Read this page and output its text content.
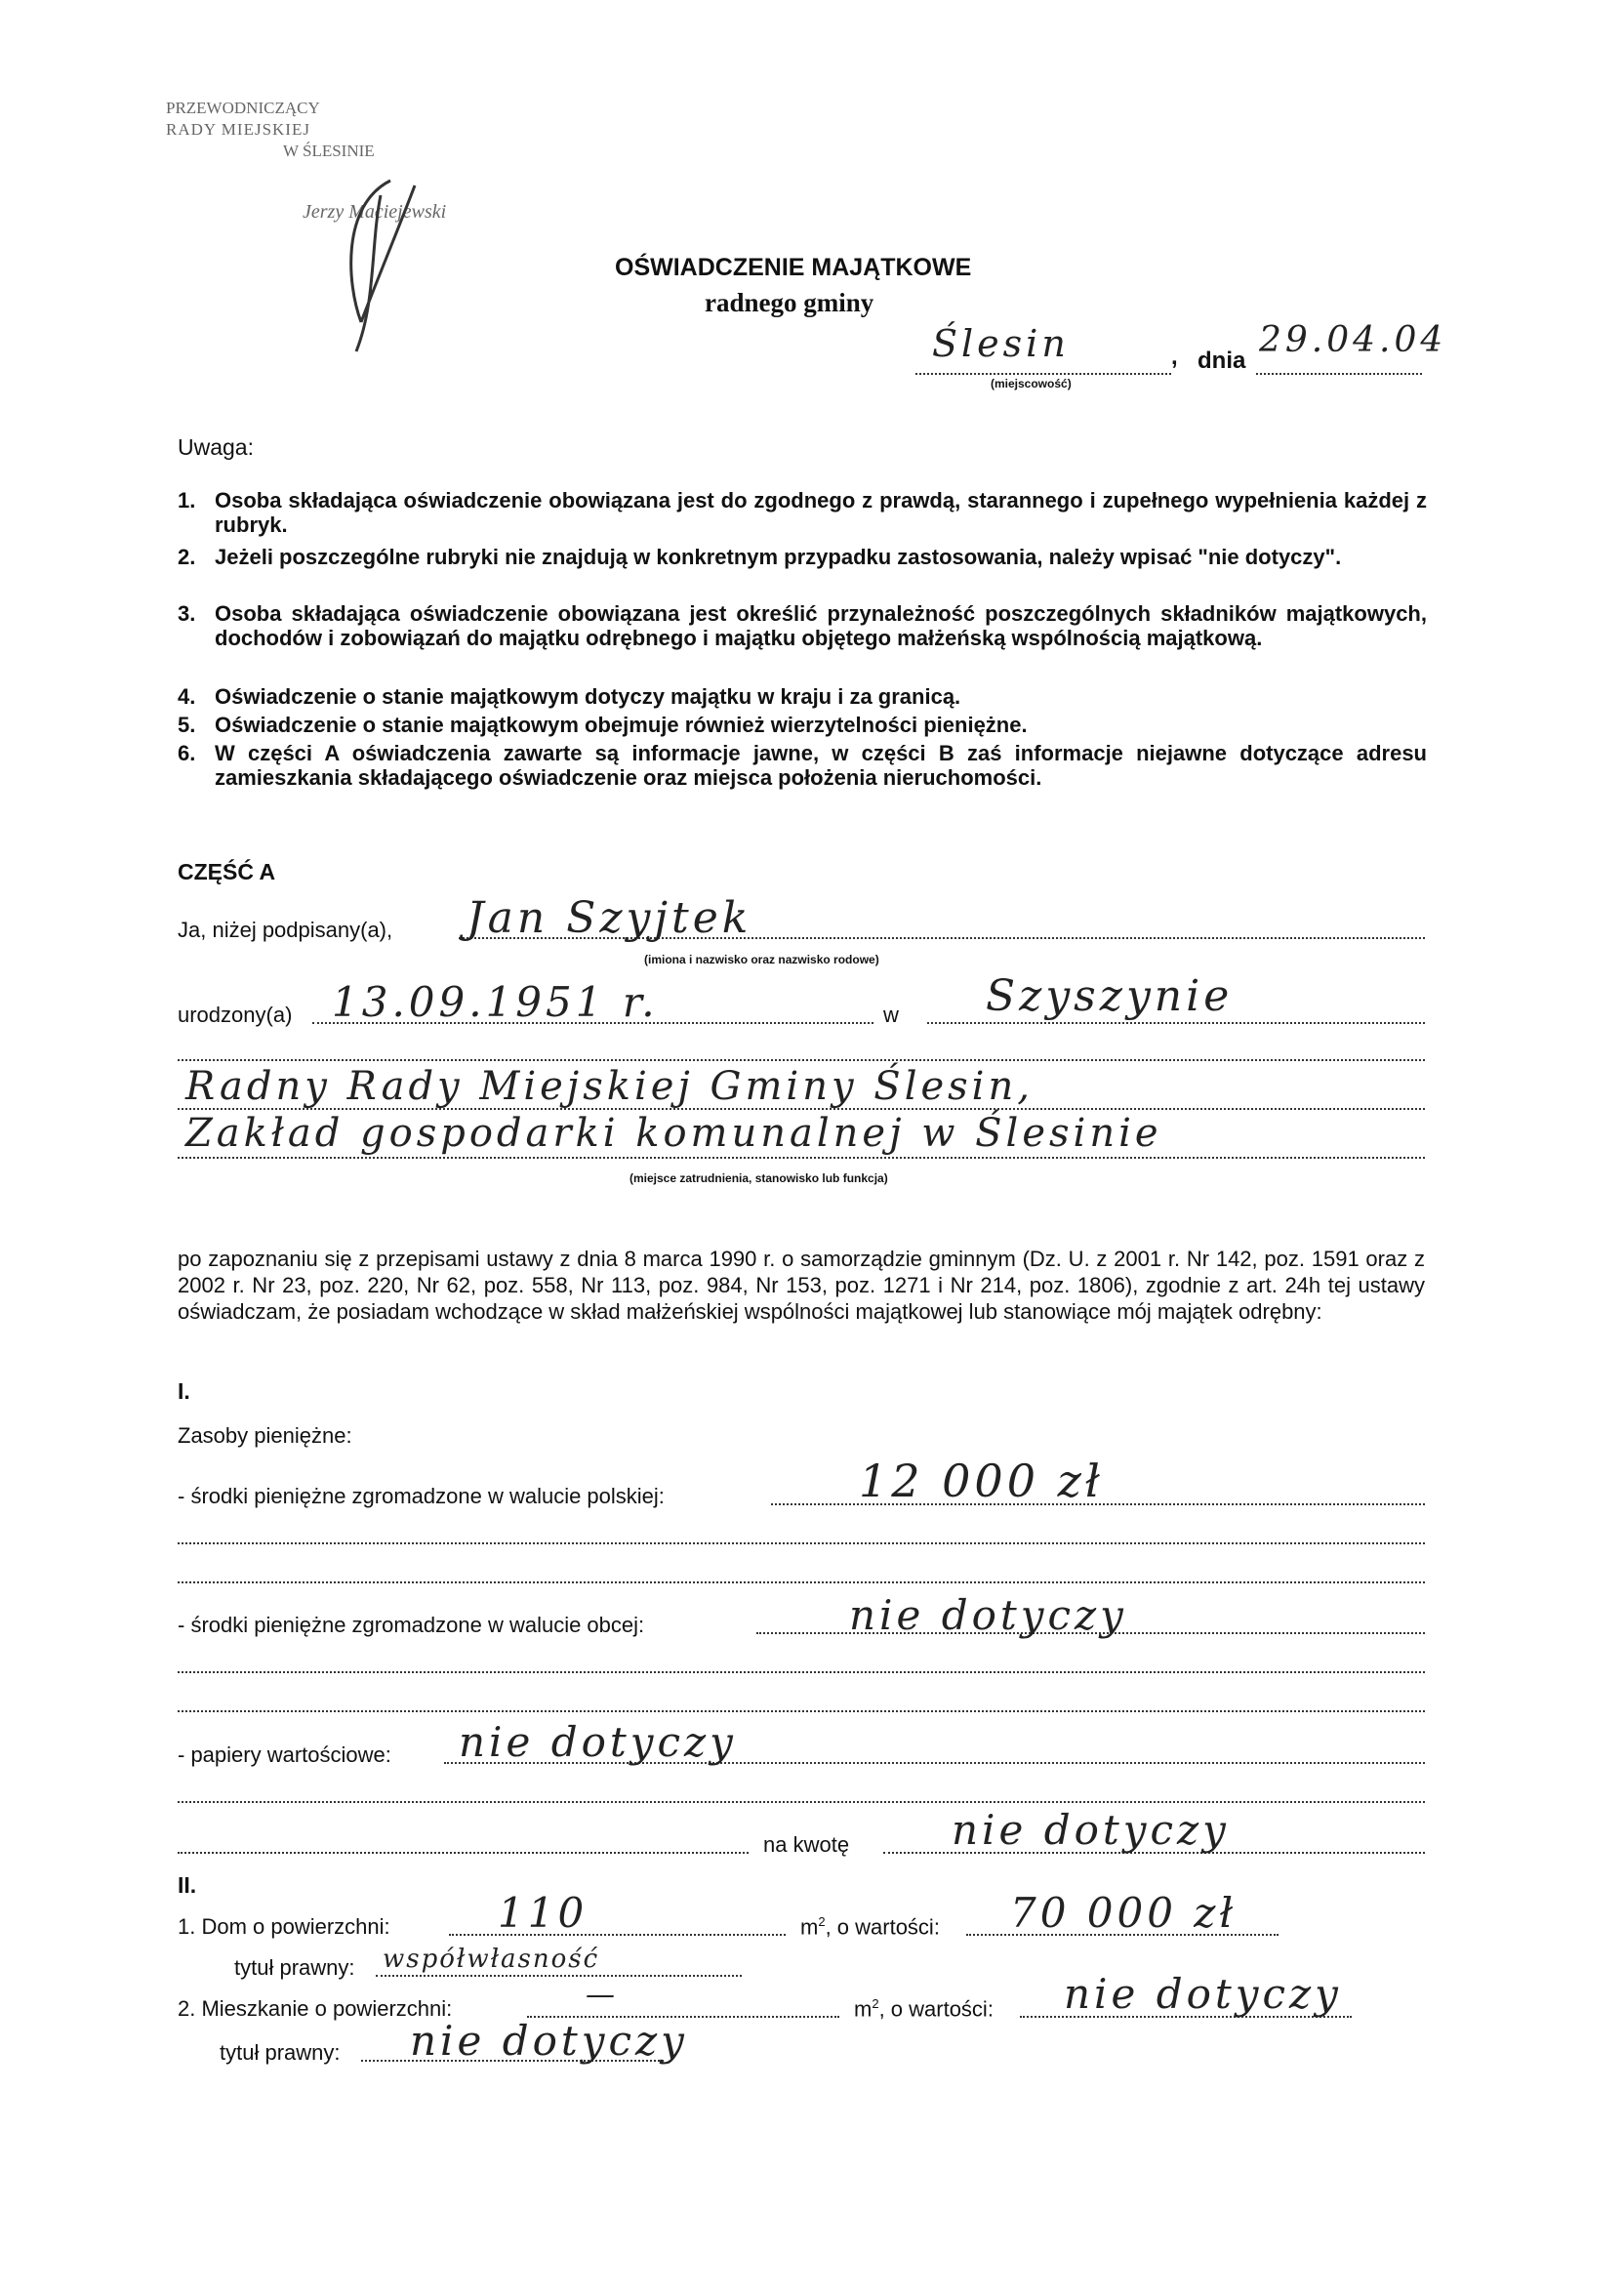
PRZEWODNICZĄCY
RADY MIEJSKIEJ
W ŚLESINIE
Jerzy Maciejewski
OŚWIADCZENIE MAJĄTKOWE
radnego gminy
Ślesin
(miejscowość)
, dnia
29.04.04
Uwaga:
1. Osoba składająca oświadczenie obowiązana jest do zgodnego z prawdą, starannego i zupełnego wypełnienia każdej z rubryk.
2. Jeżeli poszczególne rubryki nie znajdują w konkretnym przypadku zastosowania, należy wpisać "nie dotyczy".
3. Osoba składająca oświadczenie obowiązana jest określić przynależność poszczególnych składników majątkowych, dochodów i zobowiązań do majątku odrębnego i majątku objętego małżeńską wspólnością majątkową.
4. Oświadczenie o stanie majątkowym dotyczy majątku w kraju i za granicą.
5. Oświadczenie o stanie majątkowym obejmuje również wierzytelności pieniężne.
6. W części A oświadczenia zawarte są informacje jawne, w części B zaś informacje niejawne dotyczące adresu zamieszkania składającego oświadczenie oraz miejsca położenia nieruchomości.
CZĘŚĆ A
Ja, niżej podpisany(a), Jan Szyjtek
(imiona i nazwisko oraz nazwisko rodowe)
urodzony(a) 13.09.1951 r.	w Szyszynie
Radny Rady Miejskiej Gminy Ślesin,
Zakład gospodarki komunalnej w Ślesinie
(miejsce zatrudnienia, stanowisko lub funkcja)
po zapoznaniu się z przepisami ustawy z dnia 8 marca 1990 r. o samorządzie gminnym (Dz. U. z 2001 r. Nr 142, poz. 1591 oraz z 2002 r. Nr 23, poz. 220, Nr 62, poz. 558, Nr 113, poz. 984, Nr 153, poz. 1271 i Nr 214, poz. 1806), zgodnie z art. 24h tej ustawy oświadczam, że posiadam wchodzące w skład małżeńskiej wspólności majątkowej lub stanowiące mój majątek odrębny:
I.
Zasoby pieniężne:
- środki pieniężne zgromadzone w walucie polskiej:	12 000 zł
- środki pieniężne zgromadzone w walucie obcej:	nie dotyczy
- papiery wartościowe: nie dotyczy
na kwotę nie dotyczy
II.
1. Dom o powierzchni:	110	$m^2$, o wartości: 70 000 zł
tytuł prawny: współwłasność
2. Mieszkanie o powierzchni:	—	$m^2$, o wartości: nie dotyczy
tytuł prawny: nie dotyczy
